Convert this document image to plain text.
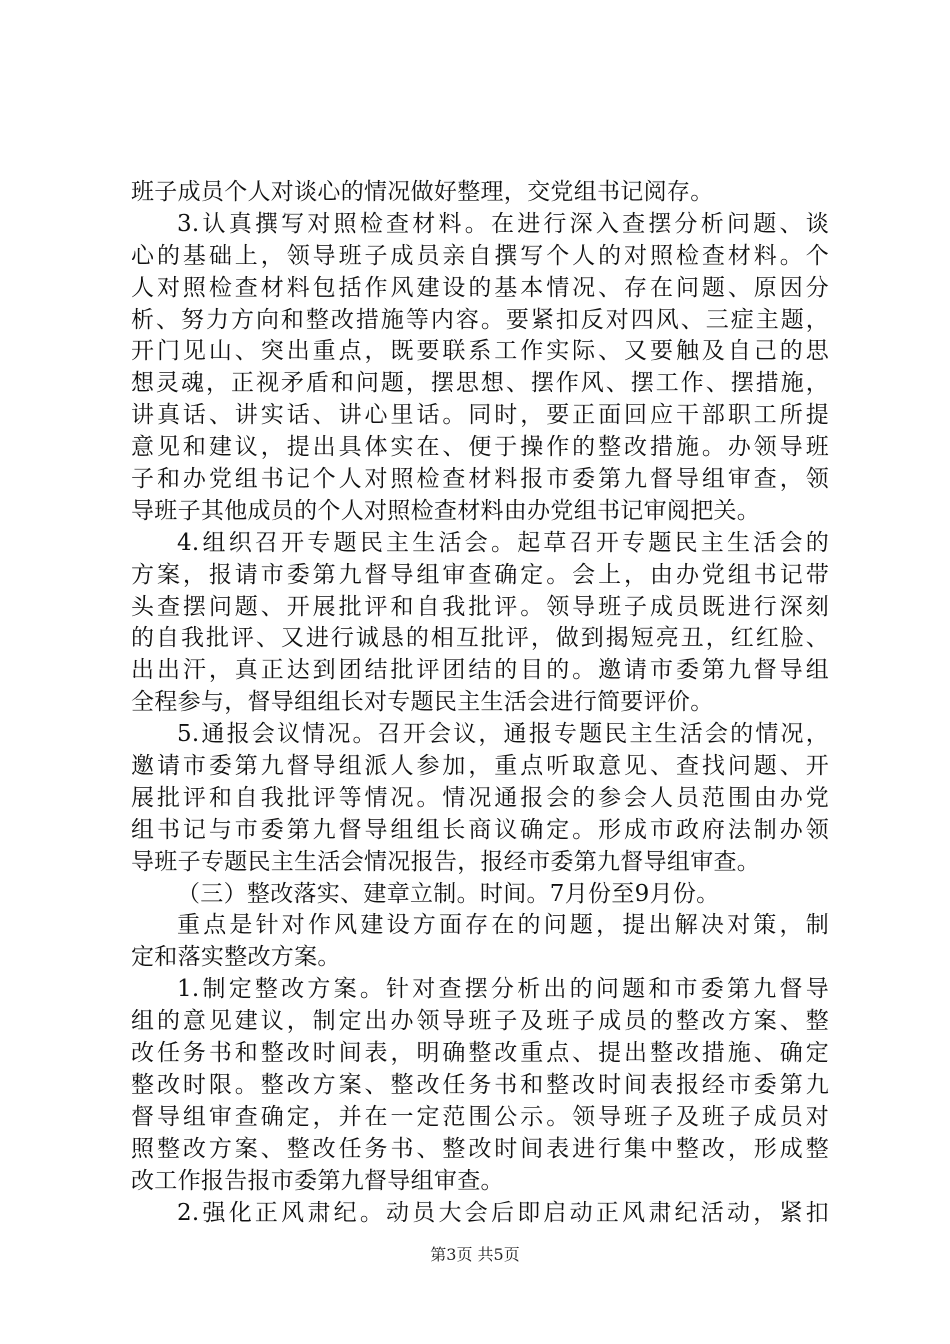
班子成员个人对谈心的情况做好整理，交党组书记阅存。
3.认真撰写对照检查材料。在进行深入查摆分析问题、谈
心的基础上，领导班子成员亲自撰写个人的对照检查材料。个
人对照检查材料包括作风建设的基本情况、存在问题、原因分
析、努力方向和整改措施等内容。要紧扣反对四风、三症主题，
开门见山、突出重点，既要联系工作实际、又要触及自己的思
想灵魂，正视矛盾和问题，摆思想、摆作风、摆工作、摆措施，
讲真话、讲实话、讲心里话。同时，要正面回应干部职工所提
意见和建议，提出具体实在、便于操作的整改措施。办领导班
子和办党组书记个人对照检查材料报市委第九督导组审查，领
导班子其他成员的个人对照检查材料由办党组书记审阅把关。
4.组织召开专题民主生活会。起草召开专题民主生活会的
方案，报请市委第九督导组审查确定。会上，由办党组书记带
头查摆问题、开展批评和自我批评。领导班子成员既进行深刻
的自我批评、又进行诚恳的相互批评，做到揭短亮丑，红红脸、
出出汗，真正达到团结批评团结的目的。邀请市委第九督导组
全程参与，督导组组长对专题民主生活会进行简要评价。
5.通报会议情况。召开会议，通报专题民主生活会的情况，
邀请市委第九督导组派人参加，重点听取意见、查找问题、开
展批评和自我批评等情况。情况通报会的参会人员范围由办党
组书记与市委第九督导组组长商议确定。形成市政府法制办领
导班子专题民主生活会情况报告，报经市委第九督导组审查。
（三）整改落实、建章立制。时间。7月份至9月份。
重点是针对作风建设方面存在的问题，提出解决对策，制
定和落实整改方案。
1.制定整改方案。针对查摆分析出的问题和市委第九督导
组的意见建议，制定出办领导班子及班子成员的整改方案、整
改任务书和整改时间表，明确整改重点、提出整改措施、确定
整改时限。整改方案、整改任务书和整改时间表报经市委第九
督导组审查确定，并在一定范围公示。领导班子及班子成员对
照整改方案、整改任务书、整改时间表进行集中整改，形成整
改工作报告报市委第九督导组审查。
2.强化正风肃纪。动员大会后即启动正风肃纪活动，紧扣
第3页 共5页
